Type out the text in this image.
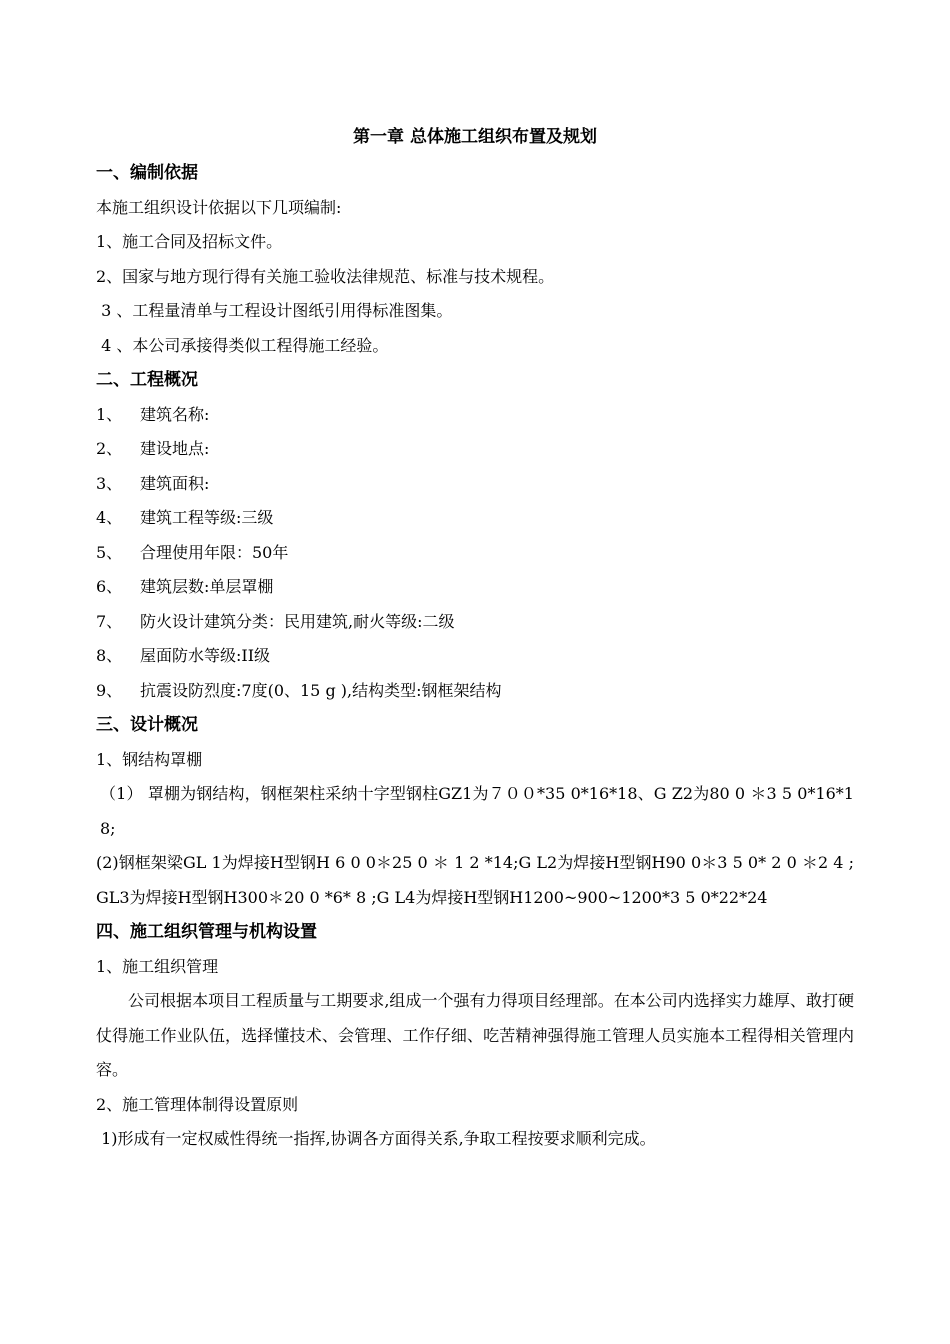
第一章 总体施工组织布置及规划
一、编制依据
本施工组织设计依据以下几项编制:
1、施工合同及招标文件。
2、国家与地方现行得有关施工验收法律规范、标准与技术规程。
3 、工程量清单与工程设计图纸引用得标准图集。
4 、本公司承接得类似工程得施工经验。
二、工程概况
1、	建筑名称:
2、	建设地点:
3、	建筑面积:
4、	建筑工程等级:三级
5、	合理使用年限：50年
6、	建筑层数:单层罩棚
7、	防火设计建筑分类：民用建筑,耐火等级:二级
8、	屋面防水等级:II级
9、	抗震设防烈度:7度(0、15 g ),结构类型:钢框架结构
三、设计概况
1、钢结构罩棚
（1） 罩棚为钢结构，钢框架柱采纳十字型钢柱GZ1为７００*35 0*16*18、G Z2为80 0 ＊3 5 0*16*18;
(2)钢框架梁GL 1为焊接H型钢H 6 0 0＊25 0 ＊ 1 2 *14;G L2为焊接H型钢H90 0＊3 5 0* 2 0 ＊2 4 ; GL3为焊接H型钢H300＊20 0 *6* 8 ;G L4为焊接H型钢H1200~900~1200*3 5 0*22*24
四、施工组织管理与机构设置
1、施工组织管理
公司根据本项目工程质量与工期要求,组成一个强有力得项目经理部。在本公司内选择实力雄厚、敢打硬仗得施工作业队伍，选择懂技术、会管理、工作仔细、吃苦精神强得施工管理人员实施本工程得相关管理内容。
2、施工管理体制得设置原则
1)形成有一定权威性得统一指挥,协调各方面得关系,争取工程按要求顺利完成。
